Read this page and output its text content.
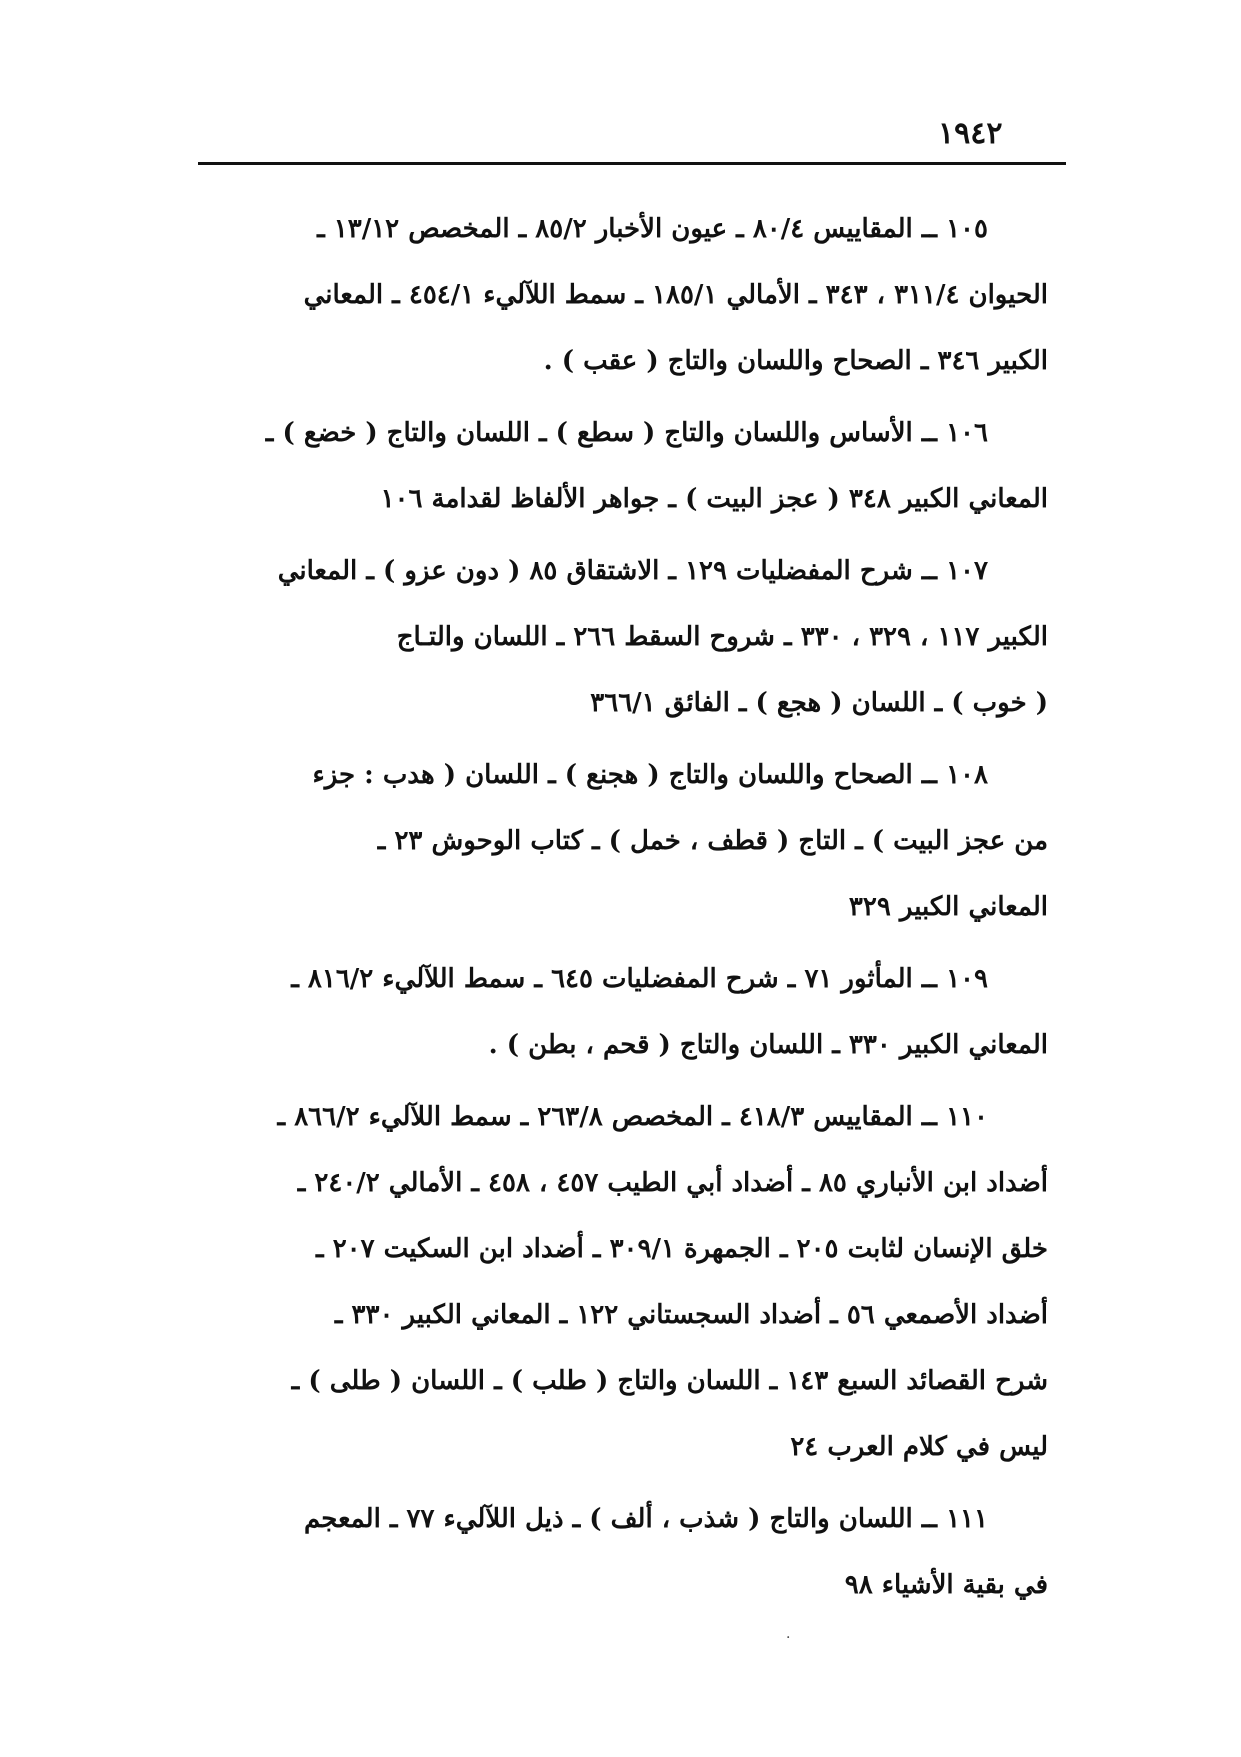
١٩٤٢
١٠٥ ــ المقاييس ٨٠/٤ ـ عيون الأخبار ٨٥/٢ ـ المخصص ١٣/١٢ ـ
الحيوان ٣١١/٤ ، ٣٤٣ ـ الأمالي ١٨٥/١ ـ سمط اللآليء ٤٥٤/١ ـ المعاني
الكبير ٣٤٦ ـ الصحاح واللسان والتاج ( عقب ) .
١٠٦ ــ الأساس واللسان والتاج ( سطع ) ـ اللسان والتاج ( خضع ) ـ
المعاني الكبير ٣٤٨ ( عجز البيت ) ـ جواهر الألفاظ لقدامة ١٠٦
١٠٧ ــ شرح المفضليات ١٢٩ ـ الاشتقاق ٨٥ ( دون عزو ) ـ المعاني
الكبير ١١٧ ، ٣٢٩ ، ٣٣٠ ـ شروح السقط ٢٦٦ ـ اللسان والتـاج
( خوب ) ـ اللسان ( هجع ) ـ الفائق ٣٦٦/١
١٠٨ ــ الصحاح واللسان والتاج ( هجنع ) ـ اللسان ( هدب : جزء
من عجز البيت ) ـ التاج ( قطف ، خمل ) ـ كتاب الوحوش ٢٣ ـ
المعاني الكبير ٣٢٩
١٠٩ ــ المأثور ٧١ ـ شرح المفضليات ٦٤٥ ـ سمط اللآليء ٨١٦/٢ ـ
المعاني الكبير ٣٣٠ ـ اللسان والتاج ( قحم ، بطن ) .
١١٠ ــ المقاييس ٤١٨/٣ ـ المخصص ٢٦٣/٨ ـ سمط اللآليء ٨٦٦/٢ ـ
أضداد ابن الأنباري ٨٥ ـ أضداد أبي الطيب ٤٥٧ ، ٤٥٨ ـ الأمالي ٢٤٠/٢ ـ
خلق الإنسان لثابت ٢٠٥ ـ الجمهرة ٣٠٩/١ ـ أضداد ابن السكيت ٢٠٧ ـ
أضداد الأصمعي ٥٦ ـ أضداد السجستاني ١٢٢ ـ المعاني الكبير ٣٣٠ ـ
شرح القصائد السبع ١٤٣ ـ اللسان والتاج ( طلب ) ـ اللسان ( طلى ) ـ
ليس في كلام العرب ٢٤
١١١ ــ اللسان والتاج ( شذب ، ألف ) ـ ذيل اللآليء ٧٧ ـ المعجم
في بقية الأشياء ٩٨
·
